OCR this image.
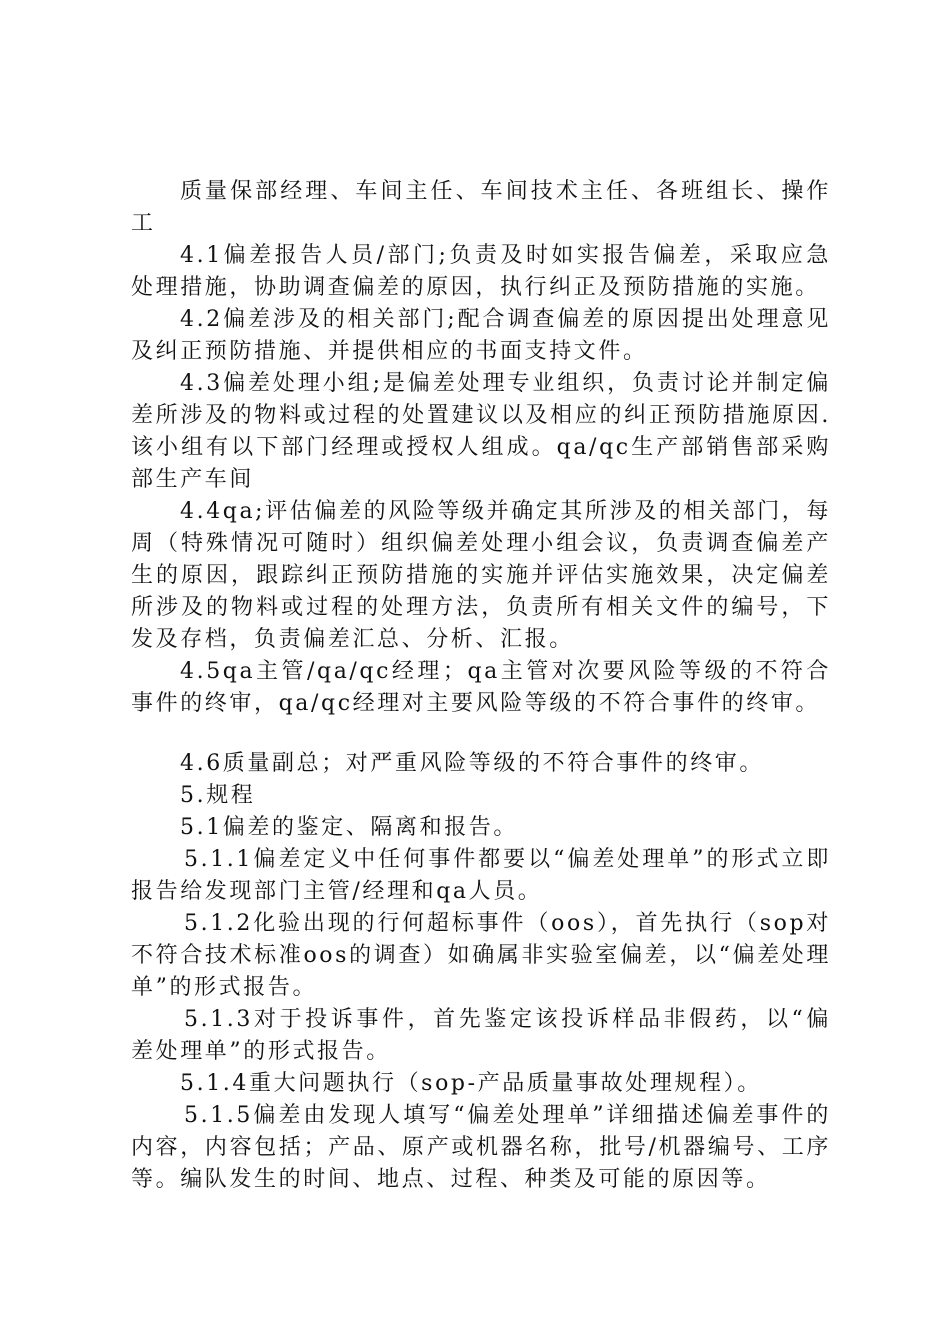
质量保部经理、车间主任、车间技术主任、各班组长、操作工

4.1偏差报告人员/部门;负责及时如实报告偏差，采取应急处理措施，协助调查偏差的原因，执行纠正及预防措施的实施。

4.2偏差涉及的相关部门;配合调查偏差的原因提出处理意见及纠正预防措施、并提供相应的书面支持文件。

4.3偏差处理小组;是偏差处理专业组织，负责讨论并制定偏差所涉及的物料或过程的处置建议以及相应的纠正预防措施原因.该小组有以下部门经理或授权人组成。qa/qc生产部销售部采购部生产车间

4.4qa;评估偏差的风险等级并确定其所涉及的相关部门，每周（特殊情况可随时）组织偏差处理小组会议，负责调查偏差产生的原因，跟踪纠正预防措施的实施并评估实施效果，决定偏差所涉及的物料或过程的处理方法，负责所有相关文件的编号，下发及存档，负责偏差汇总、分析、汇报。

4.5qa主管/qa/qc经理；qa主管对次要风险等级的不符合事件的终审，qa/qc经理对主要风险等级的不符合事件的终审。

4.6质量副总；对严重风险等级的不符合事件的终审。

5.规程

5.1偏差的鉴定、隔离和报告。

5.1.1偏差定义中任何事件都要以“偏差处理单”的形式立即报告给发现部门主管/经理和qa人员。

5.1.2化验出现的行何超标事件（oos），首先执行（sop对不符合技术标准oos的调查）如确属非实验室偏差，以“偏差处理单”的形式报告。

5.1.3对于投诉事件，首先鉴定该投诉样品非假药，以“偏差处理单”的形式报告。

5.1.4重大问题执行（sop-产品质量事故处理规程）。

5.1.5偏差由发现人填写“偏差处理单”详细描述偏差事件的内容，内容包括；产品、原产或机器名称，批号/机器编号、工序等。编队发生的时间、地点、过程、种类及可能的原因等。
